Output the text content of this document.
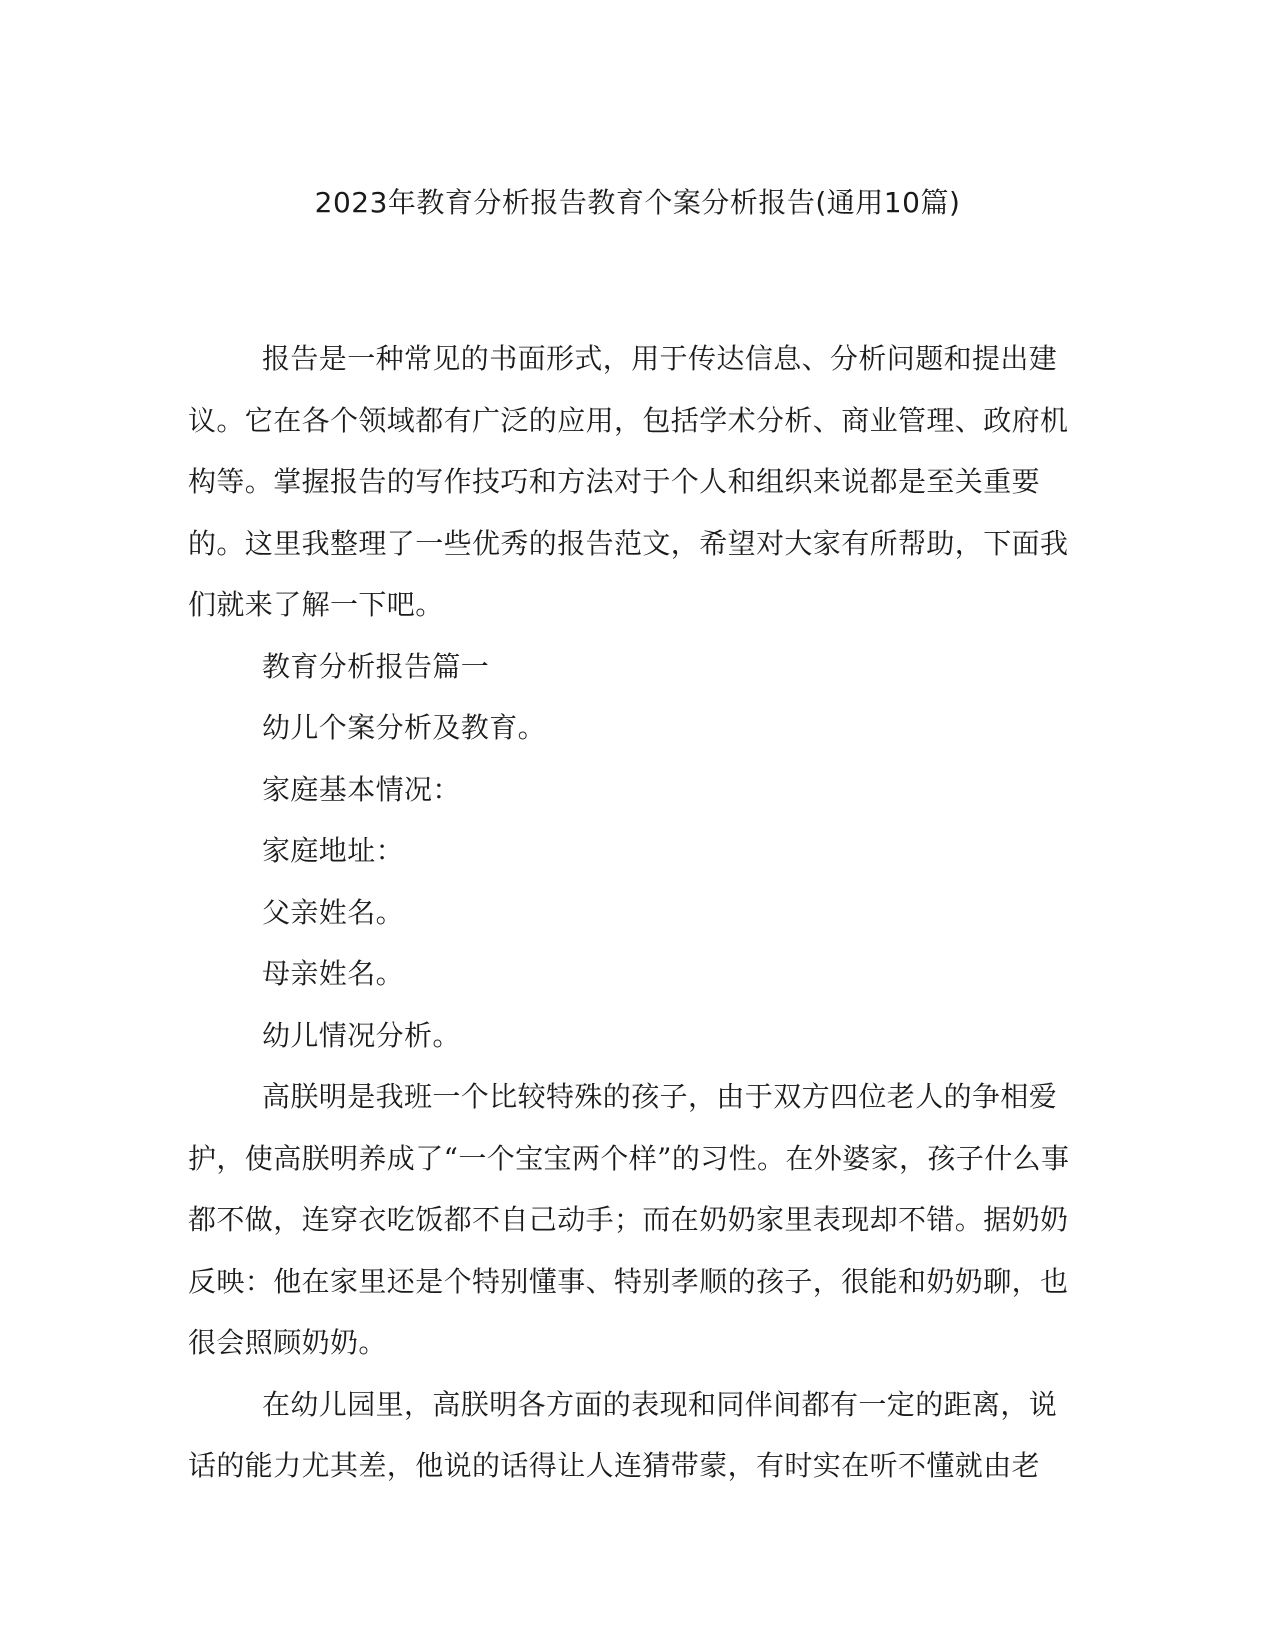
2023年教育分析报告教育个案分析报告(通用10篇)

报告是一种常见的书面形式，用于传达信息、分析问题和提出建议。它在各个领域都有广泛的应用，包括学术分析、商业管理、政府机构等。掌握报告的写作技巧和方法对于个人和组织来说都是至关重要的。这里我整理了一些优秀的报告范文，希望对大家有所帮助，下面我们就来了解一下吧。

教育分析报告篇一

幼儿个案分析及教育。

家庭基本情况：

家庭地址：

父亲姓名。

母亲姓名。

幼儿情况分析。

高朕明是我班一个比较特殊的孩子，由于双方四位老人的争相爱护，使高朕明养成了“一个宝宝两个样”的习性。在外婆家，孩子什么事都不做，连穿衣吃饭都不自己动手；而在奶奶家里表现却不错。据奶奶反映：他在家里还是个特别懂事、特别孝顺的孩子，很能和奶奶聊，也很会照顾奶奶。

在幼儿园里，高朕明各方面的表现和同伴间都有一定的距离，说话的能力尤其差，他说的话得让人连猜带蒙，有时实在听不懂就由老
